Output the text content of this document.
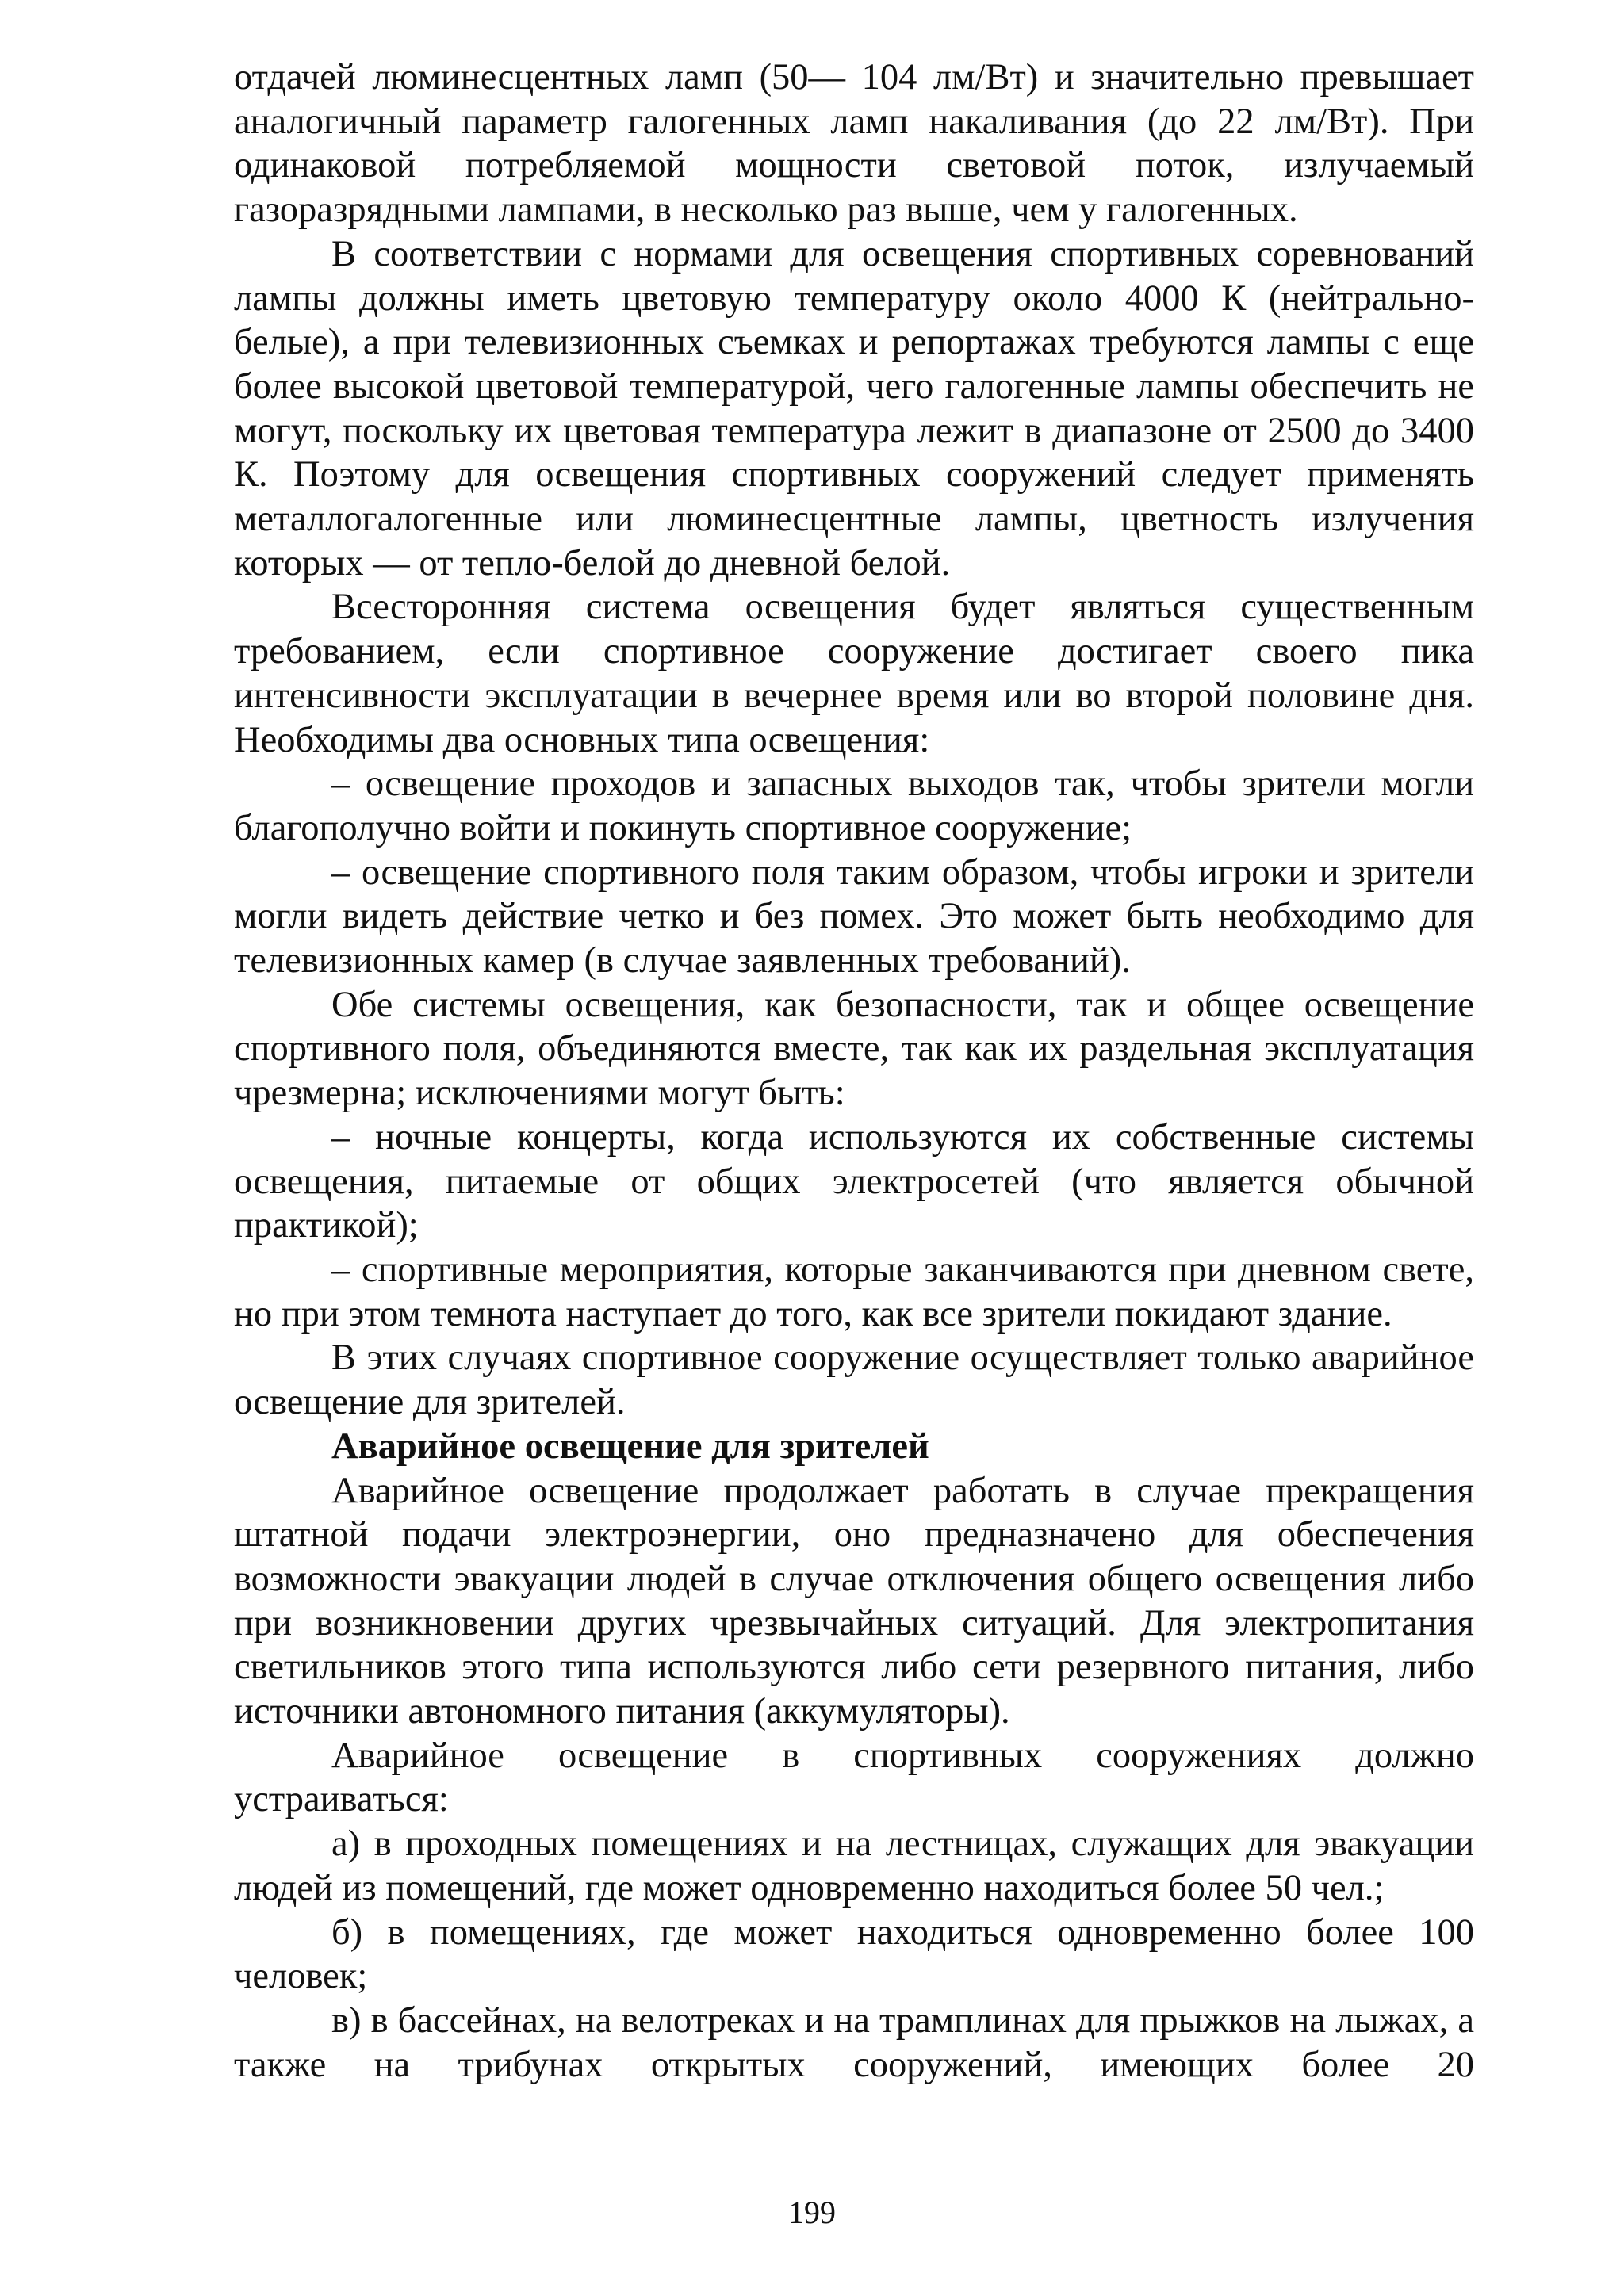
отдачей люминесцентных ламп (50— 104 лм/Вт) и значительно превышает аналогичный параметр галогенных ламп накаливания (до 22 лм/Вт). При одинаковой потребляемой мощности световой поток, излучаемый газоразрядными лампами, в несколько раз выше, чем у галогенных.

В соответствии с нормами для освещения спортивных соревнований лампы должны иметь цветовую температуру около 4000 К (нейтрально-белые), а при телевизионных съемках и репортажах требуются лампы с еще более высокой цветовой температурой, чего галогенные лампы обеспечить не могут, поскольку их цветовая температура лежит в диапазоне от 2500 до 3400 К. Поэтому для освещения спортивных сооружений следует применять металлогалогенные или люминесцентные лампы, цветность излучения которых — от тепло-белой до дневной белой.

Всесторонняя система освещения будет являться существенным требованием, если спортивное сооружение достигает своего пика интенсивности эксплуатации в вечернее время или во второй половине дня. Необходимы два основных типа освещения:

– освещение проходов и запасных выходов так, чтобы зрители могли благополучно войти и покинуть спортивное сооружение;

– освещение спортивного поля таким образом, чтобы игроки и зрители могли видеть действие четко и без помех. Это может быть необходимо для телевизионных камер (в случае заявленных требований).

Обе системы освещения, как безопасности, так и общее освещение спортивного поля, объединяются вместе, так как их раздельная эксплуатация чрезмерна; исключениями могут быть:

– ночные концерты, когда используются их собственные системы освещения, питаемые от общих электросетей (что является обычной практикой);

– спортивные мероприятия, которые заканчиваются при дневном свете, но при этом темнота наступает до того, как все зрители покидают здание.

В этих случаях спортивное сооружение осуществляет только аварийное освещение для зрителей.

Аварийное освещение для зрителей

Аварийное освещение продолжает работать в случае прекращения штатной подачи электроэнергии, оно предназначено для обеспечения возможности эвакуации людей в случае отключения общего освещения либо при возникновении других чрезвычайных ситуаций. Для электропитания светильников этого типа используются либо сети резервного питания, либо источники автономного питания (аккумуляторы).

Аварийное освещение в спортивных сооружениях должно устраиваться:

а) в проходных помещениях и на лестницах, служащих для эвакуации людей из помещений, где может одновременно находиться более 50 чел.;

б) в помещениях, где может находиться одновременно более 100 человек;

в) в бассейнах, на велотреках и на трамплинах для прыжков на лыжах, а также на трибунах открытых сооружений, имеющих более 20

199
